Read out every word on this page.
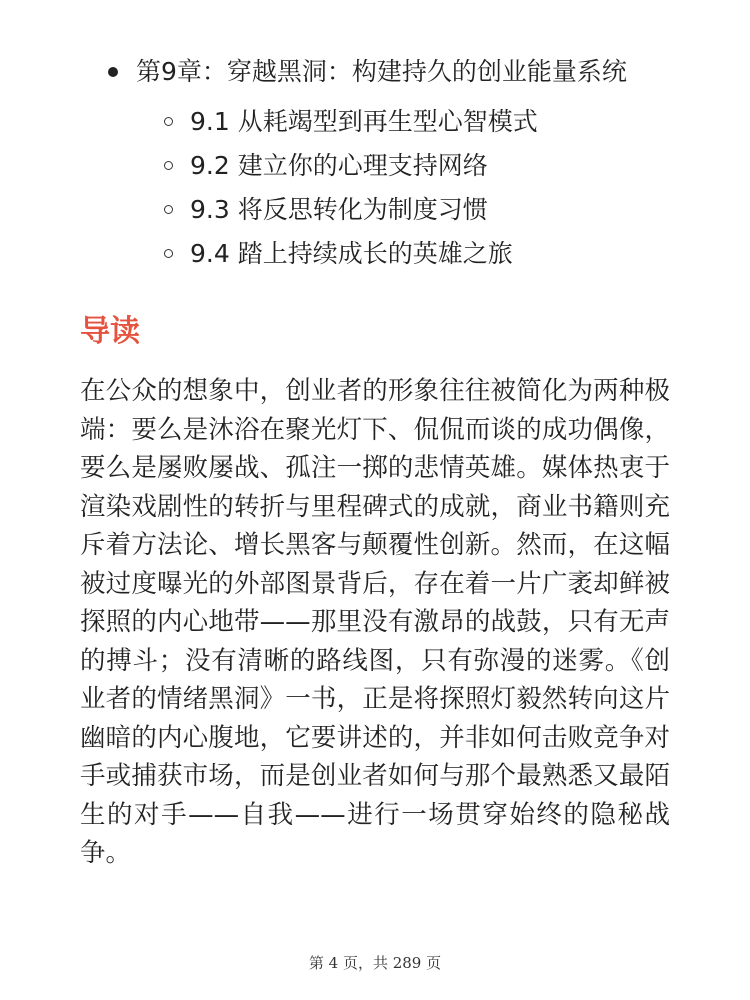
第9章：穿越黑洞：构建持久的创业能量系统
9.1 从耗竭型到再生型心智模式
9.2 建立你的心理支持网络
9.3 将反思转化为制度习惯
9.4 踏上持续成长的英雄之旅
导读

在公众的想象中，创业者的形象往往被简化为两种极端：要么是沐浴在聚光灯下、侃侃而谈的成功偶像，要么是屡败屡战、孤注一掷的悲情英雄。媒体热衷于渲染戏剧性的转折与里程碑式的成就，商业书籍则充斥着方法论、增长黑客与颠覆性创新。然而，在这幅被过度曝光的外部图景背后，存在着一片广袤却鲜被探照的内心地带——那里没有激昂的战鼓，只有无声的搏斗；没有清晰的路线图，只有弥漫的迷雾。《创业者的情绪黑洞》一书，正是将探照灯毅然转向这片幽暗的内心腹地，它要讲述的，并非如何击败竞争对手或捕获市场，而是创业者如何与那个最熟悉又最陌生的对手——自我——进行一场贯穿始终的隐秘战争。

第 4 页，共 289 页
